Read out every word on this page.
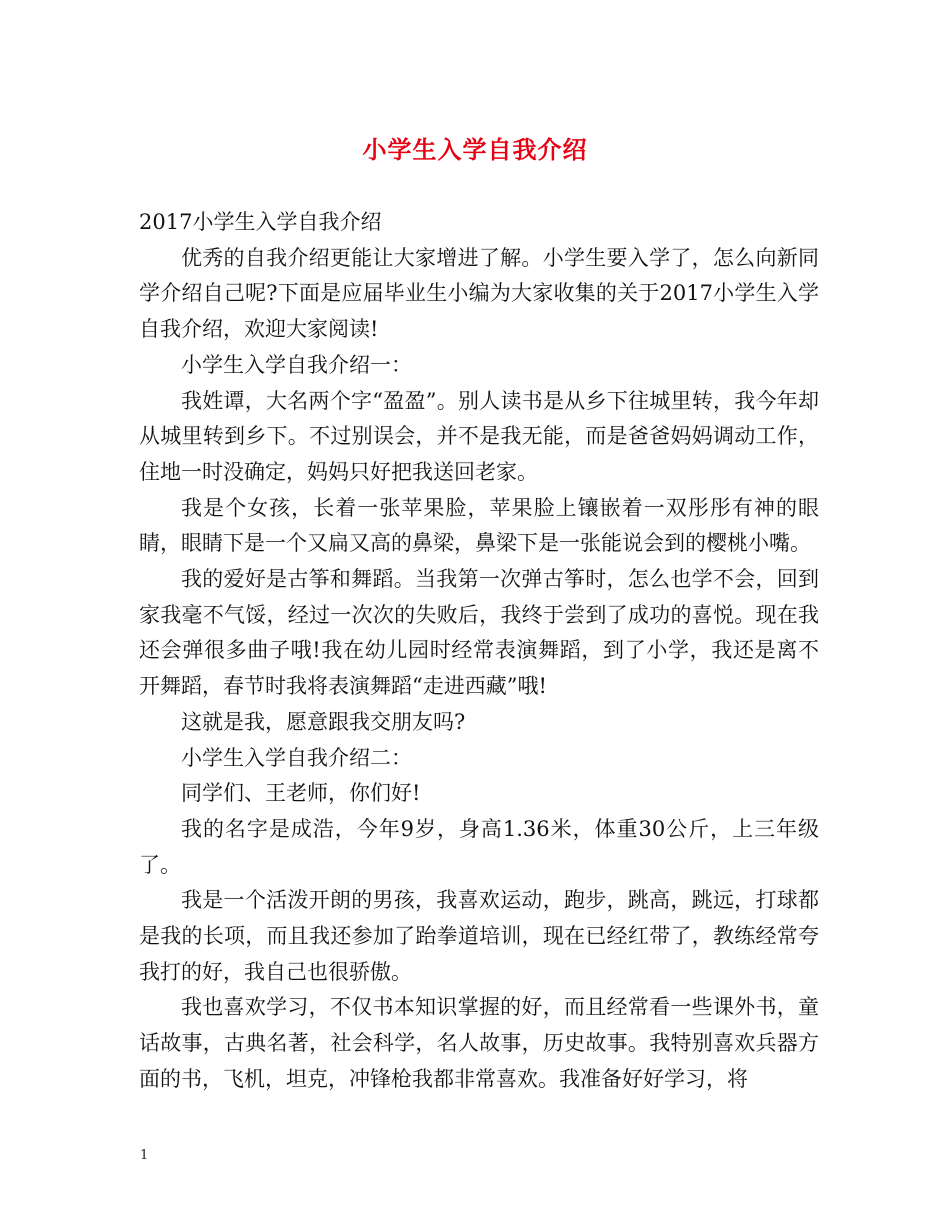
小学生入学自我介绍

2017小学生入学自我介绍

优秀的自我介绍更能让大家增进了解。小学生要入学了，怎么向新同学介绍自己呢?下面是应届毕业生小编为大家收集的关于2017小学生入学自我介绍，欢迎大家阅读!

小学生入学自我介绍一：

我姓谭，大名两个字“盈盈”。别人读书是从乡下往城里转，我今年却从城里转到乡下。不过别误会，并不是我无能，而是爸爸妈妈调动工作，住地一时没确定，妈妈只好把我送回老家。

我是个女孩，长着一张苹果脸，苹果脸上镶嵌着一双彤彤有神的眼睛，眼睛下是一个又扁又高的鼻梁，鼻梁下是一张能说会到的樱桃小嘴。

我的爱好是古筝和舞蹈。当我第一次弹古筝时，怎么也学不会，回到家我毫不气馁，经过一次次的失败后，我终于尝到了成功的喜悦。现在我还会弹很多曲子哦!我在幼儿园时经常表演舞蹈，到了小学，我还是离不开舞蹈，春节时我将表演舞蹈“走进西藏”哦!

这就是我，愿意跟我交朋友吗?

小学生入学自我介绍二：

同学们、王老师，你们好!

我的名字是成浩，今年9岁，身高1.36米，体重30公斤，上三年级了。

我是一个活泼开朗的男孩，我喜欢运动，跑步，跳高，跳远，打球都是我的长项，而且我还参加了跆拳道培训，现在已经红带了，教练经常夸我打的好，我自己也很骄傲。

我也喜欢学习，不仅书本知识掌握的好，而且经常看一些课外书，童话故事，古典名著，社会科学，名人故事，历史故事。我特别喜欢兵器方面的书，飞机，坦克，冲锋枪我都非常喜欢。我准备好好学习，将

1
